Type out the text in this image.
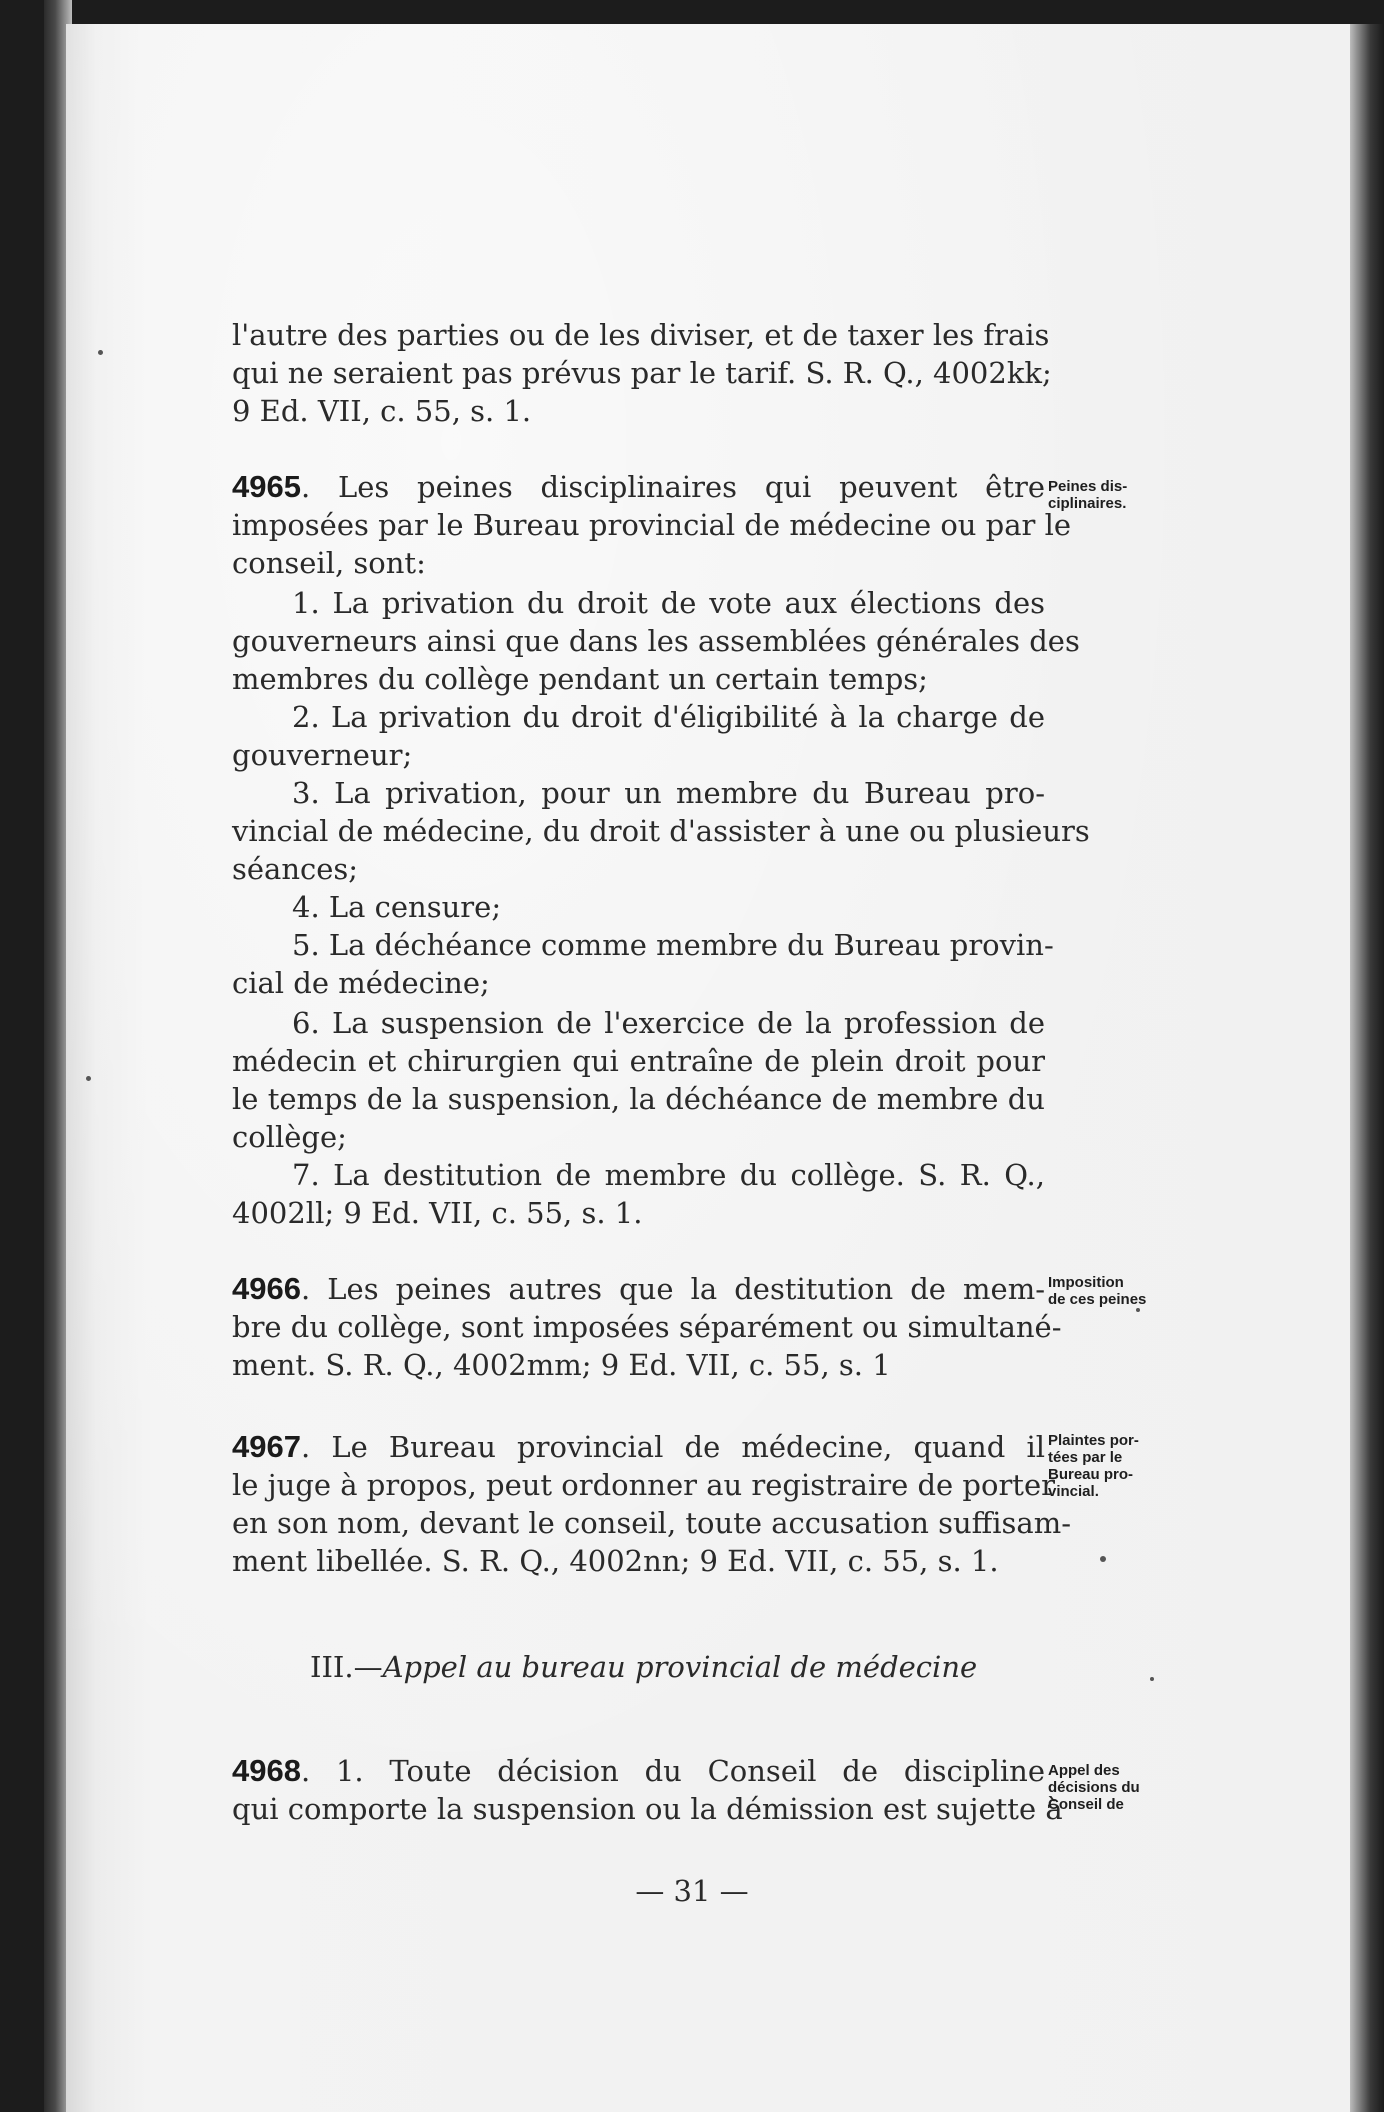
l'autre des parties ou de les diviser, et de taxer les frais
qui ne seraient pas prévus par le tarif. S. R. Q., 4002kk;
9 Ed. VII, c. 55, s. 1.
4965. Les peines disciplinaires qui peuvent être
imposées par le Bureau provincial de médecine ou par le
conseil, sont:
Peines dis-
ciplinaires.
1. La privation du droit de vote aux élections des
gouverneurs ainsi que dans les assemblées générales des
membres du collège pendant un certain temps;
2. La privation du droit d'éligibilité à la charge de
gouverneur;
3. La privation, pour un membre du Bureau pro-
vincial de médecine, du droit d'assister à une ou plusieurs
séances;
4. La censure;
5. La déchéance comme membre du Bureau provin-
cial de médecine;
6. La suspension de l'exercice de la profession de
médecin et chirurgien qui entraîne de plein droit pour
le temps de la suspension, la déchéance de membre du
collège;
7. La destitution de membre du collège. S. R. Q.,
4002ll; 9 Ed. VII, c. 55, s. 1.
4966. Les peines autres que la destitution de mem-
bre du collège, sont imposées séparément ou simultané-
ment. S. R. Q., 4002mm; 9 Ed. VII, c. 55, s. 1
Imposition
de ces peines
4967. Le Bureau provincial de médecine, quand il
le juge à propos, peut ordonner au registraire de porter
en son nom, devant le conseil, toute accusation suffisam-
ment libellée. S. R. Q., 4002nn; 9 Ed. VII, c. 55, s. 1.
Plaintes por-
tées par le
Bureau pro-
vincial.
III.—Appel au bureau provincial de médecine
4968. 1. Toute décision du Conseil de discipline
qui comporte la suspension ou la démission est sujette à
Appel des
décisions du
Conseil de
— 31 —
